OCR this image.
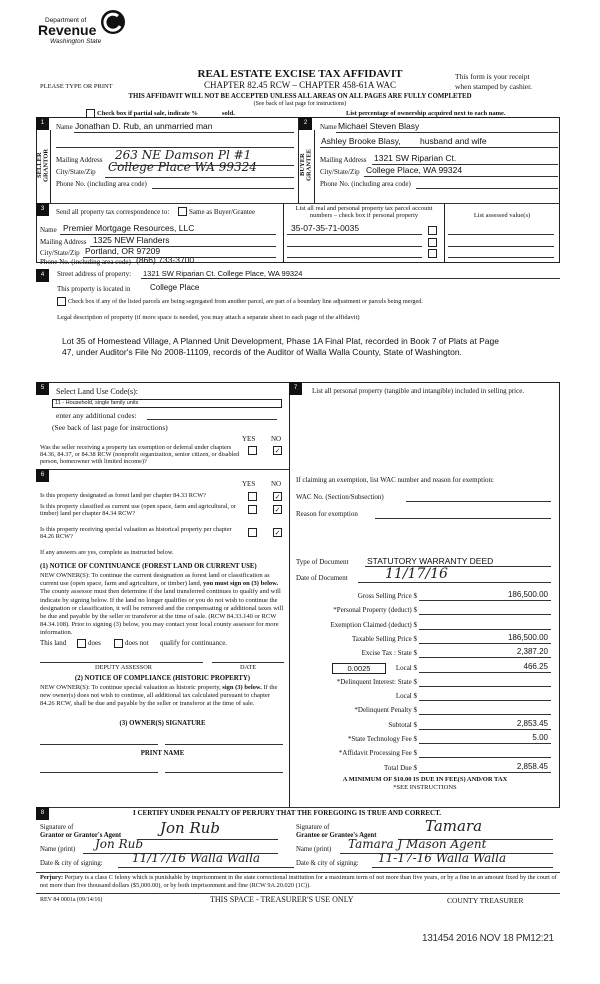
Department of
Revenue
Washington State
REAL ESTATE EXCISE TAX AFFIDAVIT
PLEASE TYPE OR PRINT	CHAPTER 82.45 RCW – CHAPTER 458-61A WAC
This form is your receipt
when stamped by cashier.
THIS AFFIDAVIT WILL NOT BE ACCEPTED UNLESS ALL AREAS ON ALL PAGES ARE FULLY COMPLETED
(See back of last page for instructions)
Check box if partial sale, indicate %	sold.	List percentage of ownership acquired next to each name.
1
SELLER GRANTOR
Name Jonathan D. Rub, an unmarried man
Mailing Address 263 NE Damson Pl #1
City/State/Zip College Place WA 99324
Phone No. (including area code)
2
BUYER GRANTEE
Name Michael Steven Blasy
Ashley Brooke Blasy, husband and wife
Mailing Address 1321 SW Riparian Ct.
City/State/Zip College Place, WA 99324
Phone No. (including area code)
3	Send all property tax correspondence to:	Same as Buyer/Grantee
Name Premier Mortgage Resources, LLC
Mailing Address 1325 NEW Flanders
City/State/Zip Portland, OR 97209
Phone No. (including area code) (866) 733-3700
List all real and personal property tax parcel account numbers – check box if personal property	List assessed value(s)
35-07-35-71-0035
4	Street address of property: 1321 SW Riparian Ct. College Place, WA 99324
This property is located in College Place
Check box if any of the listed parcels are being segregated from another parcel, are part of a boundary line adjustment or parcels being merged.
Legal description of property (if more space is needed, you may attach a separate sheet to each page of the affidavit)
Lot 35 of Homestead Village, A Planned Unit Development, Phase 1A Final Plat, recorded in Book 7 of Plats at Page 47, under Auditor's File No 2008-11109, records of the Auditor of Walla Walla County, State of Washington.
5	Select Land Use Code(s):
11 - Household, single family units
enter any additional codes:
(See back of last page for instructions)
YES NO
Was the seller receiving a property tax exemption or deferral under chapters 84.36, 84.37, or 84.38 RCW (nonprofit organization, senior citizen, or disabled person, homeowner with limited income)?
✓
6
YES NO
Is this property designated as forest land per chapter 84.33 RCW?	✓
Is this property classified as current use (open space, farm and agricultural, or timber) land per chapter 84.34 RCW?	✓
Is this property receiving special valuation as historical property per chapter 84.26 RCW?	✓
If any answers are yes, complete as instructed below.
(1) NOTICE OF CONTINUANCE (FOREST LAND OR CURRENT USE)
NEW OWNER(S): To continue the current designation as forest land or classification as current use (open space, farm and agriculture, or timber) land, you must sign on (3) below. The county assessor must then determine if the land transferred continues to qualify and will indicate by signing below. If the land no longer qualifies or you do not wish to continue the designation or classification, it will be removed and the compensating or additional taxes will be due and payable by the seller or transferor at the time of sale. (RCW 84.33.140 or RCW 84.34.108). Prior to signing (3) below, you may contact your local county assessor for more information.
This land	does	does not qualify for continuance.
DEPUTY ASSESSOR	DATE
(2) NOTICE OF COMPLIANCE (HISTORIC PROPERTY)
NEW OWNER(S): To continue special valuation as historic property, sign (3) below. If the new owner(s) does not wish to continue, all additional tax calculated pursuant to chapter 84.26 RCW, shall be due and payable by the seller or transferor at the time of sale.
(3) OWNER(S) SIGNATURE
PRINT NAME
7	List all personal property (tangible and intangible) included in selling price.
If claiming an exemption, list WAC number and reason for exemption:
WAC No. (Section/Subsection)
Reason for exemption
Type of Document STATUTORY WARRANTY DEED
Date of Document	11/17/16
Gross Selling Price $	186,500.00
*Personal Property (deduct) $
Exemption Claimed (deduct) $
Taxable Selling Price $	186,500.00
Excise Tax : State $	2,387.20
Local $	466.25
*Delinquent Interest: State $
Local $
*Delinquent Penalty $
Subtotal $	2,853.45
*State Technology Fee $	5.00
*Affidavit Processing Fee $
Total Due $	2,858.45
0.0025
A MINIMUM OF $10.00 IS DUE IN FEE(S) AND/OR TAX
*SEE INSTRUCTIONS
8	I CERTIFY UNDER PENALTY OF PERJURY THAT THE FOREGOING IS TRUE AND CORRECT.
Signature of
Grantor or Grantor's Agent	Jon Rub
Name (print) Jon Rub
Date & city of signing: 11/17/16 Walla Walla
Signature of
Grantee or Grantee's Agent
Tamara
Name (print) Tamara J Mason Agent
Date & city of signing: 11-17-16 Walla Walla
Perjury: Perjury is a class C felony which is punishable by imprisonment in the state correctional institution for a maximum term of not more than five years, or by a fine in an amount fixed by the court of not more than five thousand dollars ($5,000.00), or by both imprisonment and fine (RCW 9A.20.020 (1C)).
REV 84 0001a (09/14/16)	THIS SPACE - TREASURER'S USE ONLY	COUNTY TREASURER
131454 2016 NOV 18 PM12:21
